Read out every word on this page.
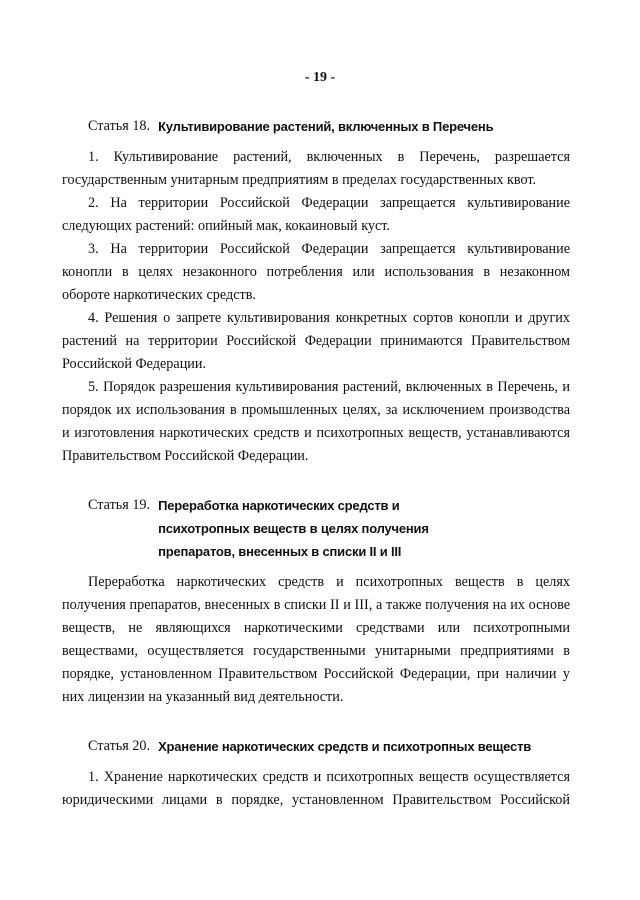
- 19 -
Статья 18. Культивирование растений, включенных в Перечень

1. Культивирование растений, включенных в Перечень, разрешается государственным унитарным предприятиям в пределах государственных квот.

2. На территории Российской Федерации запрещается культивирование следующих растений: опийный мак, кокаиновый куст.

3. На территории Российской Федерации запрещается культивирование конопли в целях незаконного потребления или использования в незаконном обороте наркотических средств.

4. Решения о запрете культивирования конкретных сортов конопли и других растений на территории Российской Федерации принимаются Правительством Российской Федерации.

5. Порядок разрешения культивирования растений, включенных в Перечень, и порядок их использования в промышленных целях, за исключением производства и изготовления наркотических средств и психотропных веществ, устанавливаются Правительством Российской Федерации.

Статья 19. Переработка наркотических средств и психотропных веществ в целях получения препаратов, внесенных в списки II и III

Переработка наркотических средств и психотропных веществ в целях получения препаратов, внесенных в списки II и III, а также получения на их основе веществ, не являющихся наркотическими средствами или психотропными веществами, осуществляется государственными унитарными предприятиями в порядке, установленном Правительством Российской Федерации, при наличии у них лицензии на указанный вид деятельности.

Статья 20. Хранение наркотических средств и психотропных веществ

1. Хранение наркотических средств и психотропных веществ осуществляется юридическими лицами в порядке, установленном Правительством Российской
